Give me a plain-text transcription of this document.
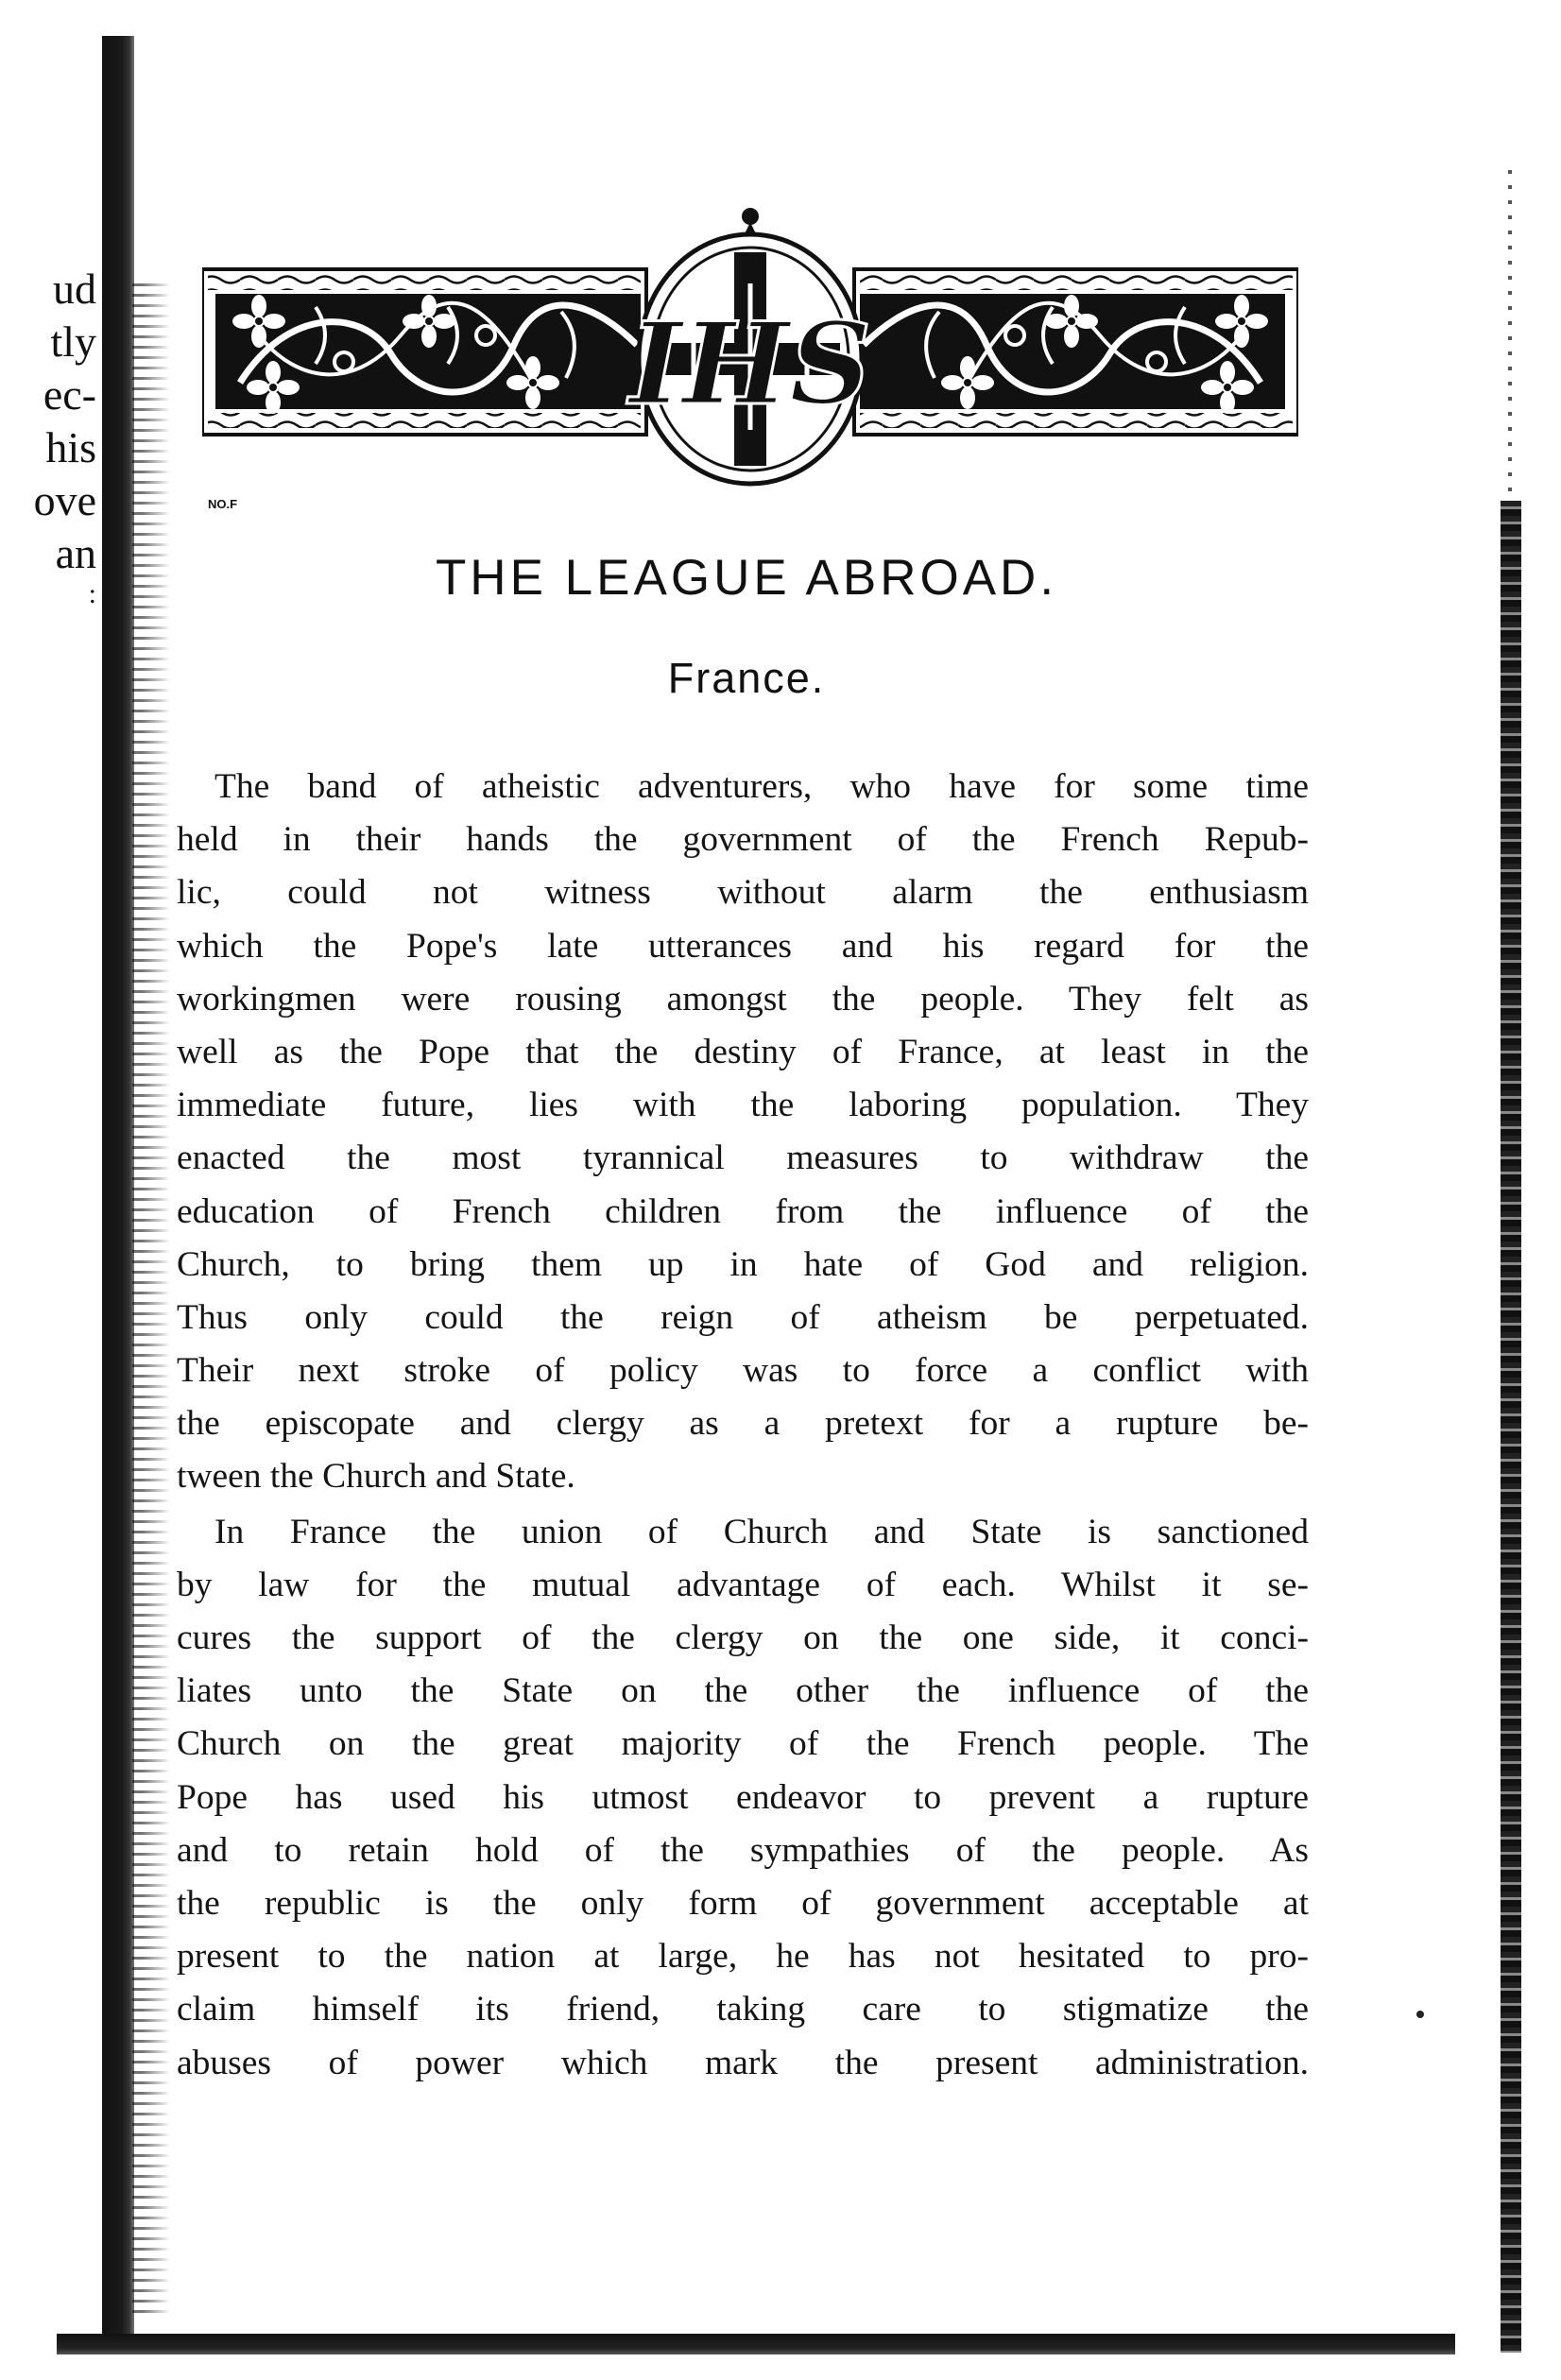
ud
tly
ec-
his
ove
an
:
IHS
NO.F
THE LEAGUE ABROAD.
France.

The band of atheistic adventurers, who have for some time
held in their hands the government of the French Repub-
lic, could not witness without alarm the enthusiasm
which the Pope's late utterances and his regard for the
workingmen were rousing amongst the people. They felt as
well as the Pope that the destiny of France, at least in the
immediate future, lies with the laboring population. They
enacted the most tyrannical measures to withdraw the
education of French children from the influence of the
Church, to bring them up in hate of God and religion.
Thus only could the reign of atheism be perpetuated.
Their next stroke of policy was to force a conflict with
the episcopate and clergy as a pretext for a rupture be-
tween the Church and State.

In France the union of Church and State is sanctioned
by law for the mutual advantage of each. Whilst it se-
cures the support of the clergy on the one side, it conci-
liates unto the State on the other the influence of the
Church on the great majority of the French people. The
Pope has used his utmost endeavor to prevent a rupture
and to retain hold of the sympathies of the people. As
the republic is the only form of government acceptable at
present to the nation at large, he has not hesitated to pro-
claim himself its friend, taking care to stigmatize the
abuses of power which mark the present administration.
